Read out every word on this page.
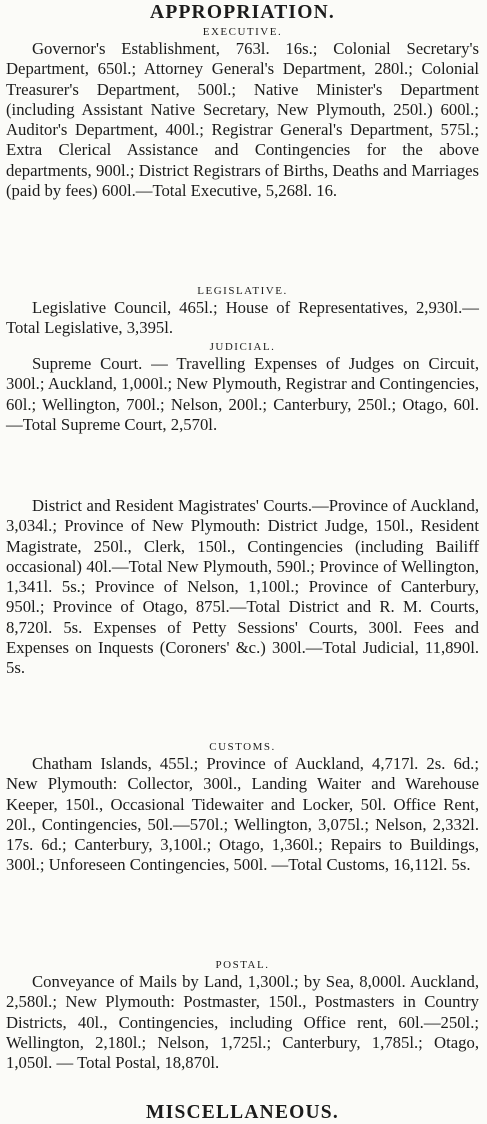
APPROPRIATION.
EXECUTIVE.

Governor's Establishment, 763l. 16s.; Colonial Secretary's Department, 650l.; Attorney General's Department, 280l.; Colonial Treasurer's Department, 500l.; Native Minister's Department (including Assistant Native Secretary, New Plymouth, 250l.) 600l.; Auditor's Department, 400l.; Registrar General's Department, 575l.; Extra Clerical Assistance and Contingencies for the above departments, 900l.; District Registrars of Births, Deaths and Marriages (paid by fees) 600l.—Total Executive, 5,268l. 16.

LEGISLATIVE.

Legislative Council, 465l.; House of Representatives, 2,930l.—Total Legislative, 3,395l.

JUDICIAL.

Supreme Court. — Travelling Expenses of Judges on Circuit, 300l.; Auckland, 1,000l.; New Plymouth, Registrar and Contingencies, 60l.; Wellington, 700l.; Nelson, 200l.; Canterbury, 250l.; Otago, 60l.—Total Supreme Court, 2,570l.

District and Resident Magistrates' Courts.—Province of Auckland, 3,034l.; Province of New Plymouth: District Judge, 150l., Resident Magistrate, 250l., Clerk, 150l., Contingencies (including Bailiff occasional) 40l.—Total New Plymouth, 590l.; Province of Wellington, 1,341l. 5s.; Province of Nelson, 1,100l.; Province of Canterbury, 950l.; Province of Otago, 875l.—Total District and R. M. Courts, 8,720l. 5s. Expenses of Petty Sessions' Courts, 300l. Fees and Expenses on Inquests (Coroners' &c.) 300l.—Total Judicial, 11,890l. 5s.

CUSTOMS.

Chatham Islands, 455l.; Province of Auckland, 4,717l. 2s. 6d.; New Plymouth: Collector, 300l., Landing Waiter and Warehouse Keeper, 150l., Occasional Tidewaiter and Locker, 50l. Office Rent, 20l., Contingencies, 50l.—570l.; Wellington, 3,075l.; Nelson, 2,332l. 17s. 6d.; Canterbury, 3,100l.; Otago, 1,360l.; Repairs to Buildings, 300l.; Unforeseen Contingencies, 500l. —Total Customs, 16,112l. 5s.

POSTAL.

Conveyance of Mails by Land, 1,300l.; by Sea, 8,000l. Auckland, 2,580l.; New Plymouth: Postmaster, 150l., Postmasters in Country Districts, 40l., Contingencies, including Office rent, 60l.—250l.; Wellington, 2,180l.; Nelson, 1,725l.; Canterbury, 1,785l.; Otago, 1,050l. — Total Postal, 18,870l.

MISCELLANEOUS.
